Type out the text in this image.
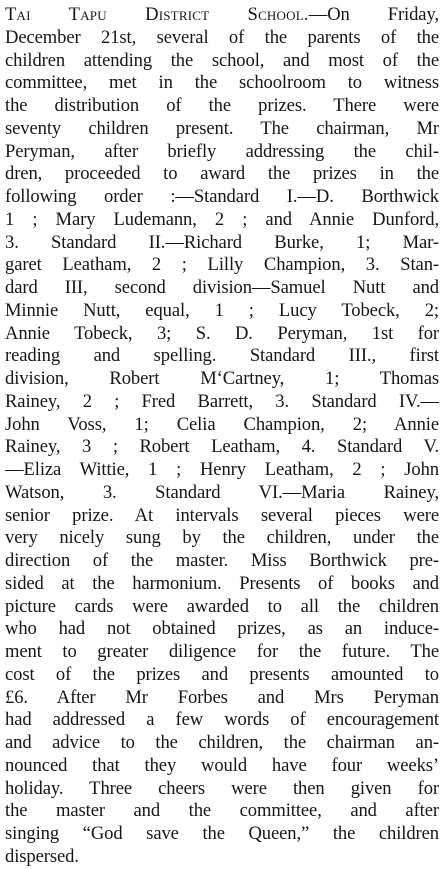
Tai Tapu District School.—On Friday,
December 21st, several of the parents of the
children attending the school, and most of the
committee, met in the schoolroom to witness
the distribution of the prizes. There were
seventy children present. The chairman, Mr
Peryman, after briefly addressing the chil-
dren, proceeded to award the prizes in the
following order :—Standard I.—D. Borthwick
1 ; Mary Ludemann, 2 ; and Annie Dunford,
3. Standard II.—Richard Burke, 1; Mar-
garet Leatham, 2 ; Lilly Champion, 3. Stan-
dard III, second division—Samuel Nutt and
Minnie Nutt, equal, 1 ; Lucy Tobeck, 2;
Annie Tobeck, 3; S. D. Peryman, 1st for
reading and spelling. Standard III., first
division, Robert M‘Cartney, 1; Thomas
Rainey, 2 ; Fred Barrett, 3. Standard IV.—
John Voss, 1; Celia Champion, 2; Annie
Rainey, 3 ; Robert Leatham, 4. Standard V.
—Eliza Wittie, 1 ; Henry Leatham, 2 ; John
Watson, 3. Standard VI.—Maria Rainey,
senior prize. At intervals several pieces were
very nicely sung by the children, under the
direction of the master. Miss Borthwick pre-
sided at the harmonium. Presents of books and
picture cards were awarded to all the children
who had not obtained prizes, as an induce-
ment to greater diligence for the future. The
cost of the prizes and presents amounted to
£6. After Mr Forbes and Mrs Peryman
had addressed a few words of encouragement
and advice to the children, the chairman an-
nounced that they would have four weeks’
holiday. Three cheers were then given for
the master and the committee, and after
singing “God save the Queen,” the children
dispersed.
